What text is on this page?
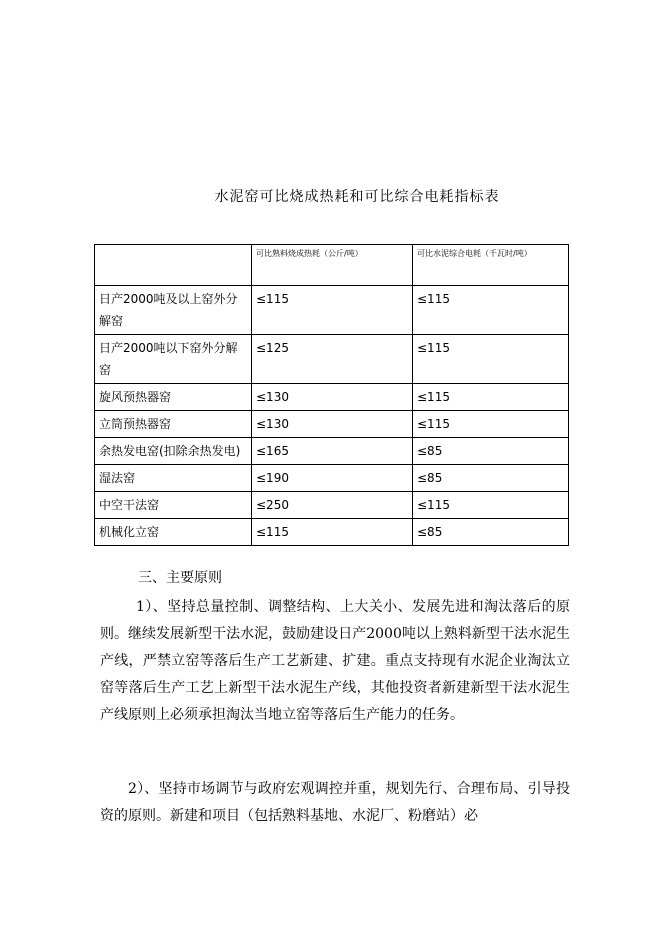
水泥窑可比烧成热耗和可比综合电耗指标表
	可比熟料烧成热耗（公斤/吨）	可比水泥综合电耗（千瓦时/吨）
日产2000吨及以上窑外分解窑	≤115	≤115
日产2000吨以下窑外分解窑	≤125	≤115
旋风预热器窑	≤130	≤115
立筒预热器窑	≤130	≤115
余热发电窑(扣除余热发电)	≤165	≤85
湿法窑	≤190	≤85
中空干法窑	≤250	≤115
机械化立窑	≤115	≤85
三、主要原则

1）、坚持总量控制、调整结构、上大关小、发展先进和淘汰落后的原则。继续发展新型干法水泥，鼓励建设日产2000吨以上熟料新型干法水泥生产线，严禁立窑等落后生产工艺新建、扩建。重点支持现有水泥企业淘汰立窑等落后生产工艺上新型干法水泥生产线，其他投资者新建新型干法水泥生产线原则上必须承担淘汰当地立窑等落后生产能力的任务。

2）、坚持市场调节与政府宏观调控并重，规划先行、合理布局、引导投资的原则。新建和项目（包括熟料基地、水泥厂、粉磨站）必
